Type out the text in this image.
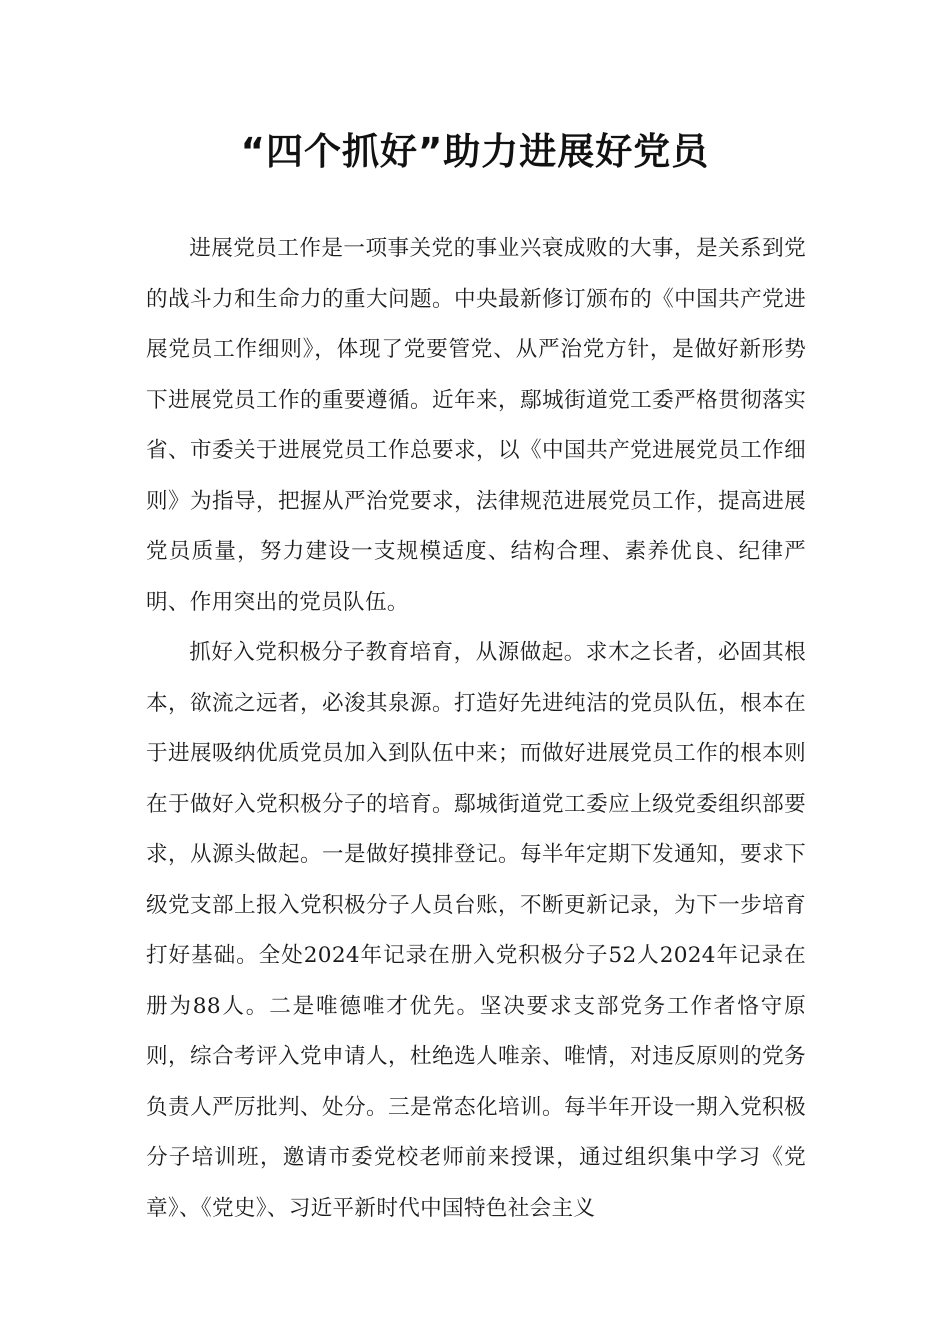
“四个抓好”助力进展好党员

进展党员工作是一项事关党的事业兴衰成败的大事，是关系到党的战斗力和生命力的重大问题。中央最新修订颁布的《中国共产党进展党员工作细则》，体现了党要管党、从严治党方针，是做好新形势下进展党员工作的重要遵循。近年来，鄢城街道党工委严格贯彻落实省、市委关于进展党员工作总要求，以《中国共产党进展党员工作细则》为指导，把握从严治党要求，法律规范进展党员工作，提高进展党员质量，努力建设一支规模适度、结构合理、素养优良、纪律严明、作用突出的党员队伍。

抓好入党积极分子教育培育，从源做起。求木之长者，必固其根本，欲流之远者，必浚其泉源。打造好先进纯洁的党员队伍，根本在于进展吸纳优质党员加入到队伍中来；而做好进展党员工作的根本则在于做好入党积极分子的培育。鄢城街道党工委应上级党委组织部要求，从源头做起。一是做好摸排登记。每半年定期下发通知，要求下级党支部上报入党积极分子人员台账，不断更新记录，为下一步培育打好基础。全处2024年记录在册入党积极分子52人2024年记录在册为88人。二是唯德唯才优先。坚决要求支部党务工作者恪守原则，综合考评入党申请人，杜绝选人唯亲、唯情，对违反原则的党务负责人严厉批判、处分。三是常态化培训。每半年开设一期入党积极分子培训班，邀请市委党校老师前来授课，通过组织集中学习《党章》、《党史》、习近平新时代中国特色社会主义
